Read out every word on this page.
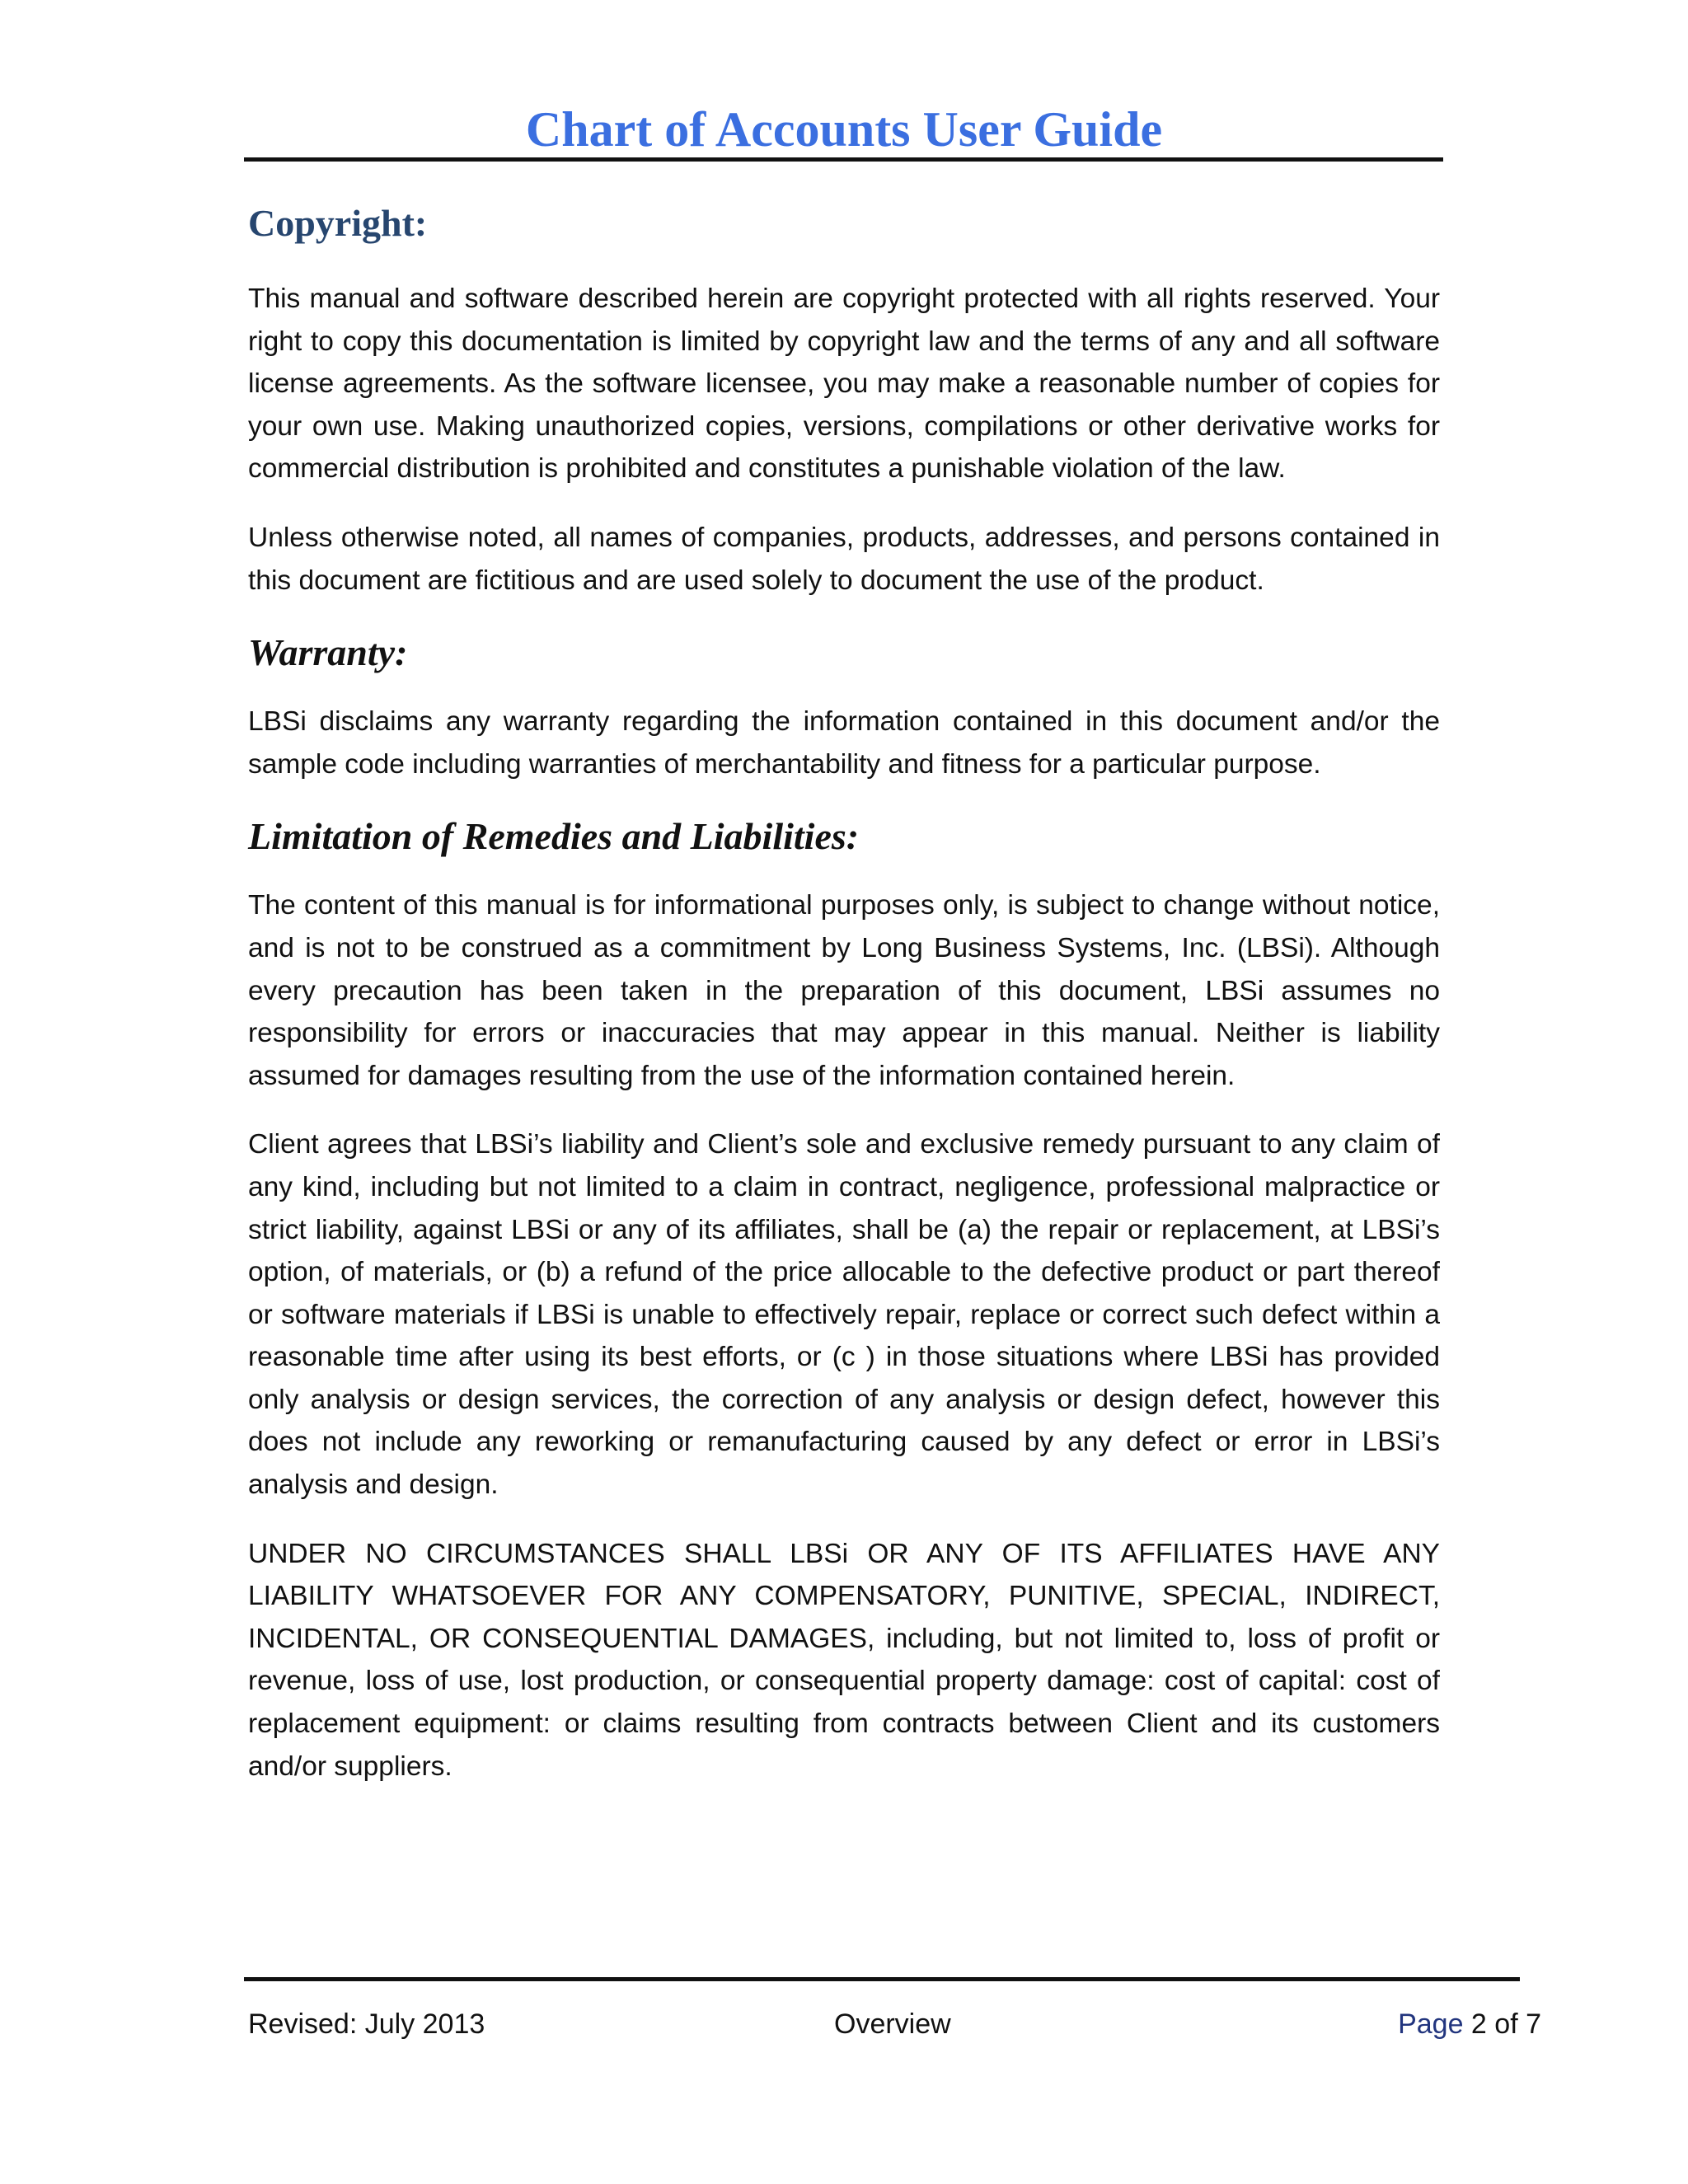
Chart of Accounts User Guide
Copyright:

This manual and software described herein are copyright protected with all rights reserved. Your right to copy this documentation is limited by copyright law and the terms of any and all software license agreements. As the software licensee, you may make a reasonable number of copies for your own use. Making unauthorized copies, versions, compilations or other derivative works for commercial distribution is prohibited and constitutes a punishable violation of the law.

Unless otherwise noted, all names of companies, products, addresses, and persons contained in this document are fictitious and are used solely to document the use of the product.

Warranty:

LBSi disclaims any warranty regarding the information contained in this document and/or the sample code including warranties of merchantability and fitness for a particular purpose.

Limitation of Remedies and Liabilities:

The content of this manual is for informational purposes only, is subject to change without notice, and is not to be construed as a commitment by Long Business Systems, Inc. (LBSi). Although every precaution has been taken in the preparation of this document, LBSi assumes no responsibility for errors or inaccuracies that may appear in this manual. Neither is liability assumed for damages resulting from the use of the information contained herein.

Client agrees that LBSi’s liability and Client’s sole and exclusive remedy pursuant to any claim of any kind, including but not limited to a claim in contract, negligence, professional malpractice or strict liability, against LBSi or any of its affiliates, shall be (a) the repair or replacement, at LBSi’s option, of materials, or (b) a refund of the price allocable to the defective product or part thereof or software materials if LBSi is unable to effectively repair, replace or correct such defect within a reasonable time after using its best efforts, or (c ) in those situations where LBSi has provided only analysis or design services, the correction of any analysis or design defect, however this does not include any reworking or remanufacturing caused by any defect or error in LBSi’s analysis and design.

UNDER NO CIRCUMSTANCES SHALL LBSi OR ANY OF ITS AFFILIATES HAVE ANY LIABILITY WHATSOEVER FOR ANY COMPENSATORY, PUNITIVE, SPECIAL, INDIRECT, INCIDENTAL, OR CONSEQUENTIAL DAMAGES, including, but not limited to, loss of profit or revenue, loss of use, lost production, or consequential property damage: cost of capital: cost of replacement equipment: or claims resulting from contracts between Client and its customers and/or suppliers.

Revised: July 2013	Overview	Page 2 of 7
